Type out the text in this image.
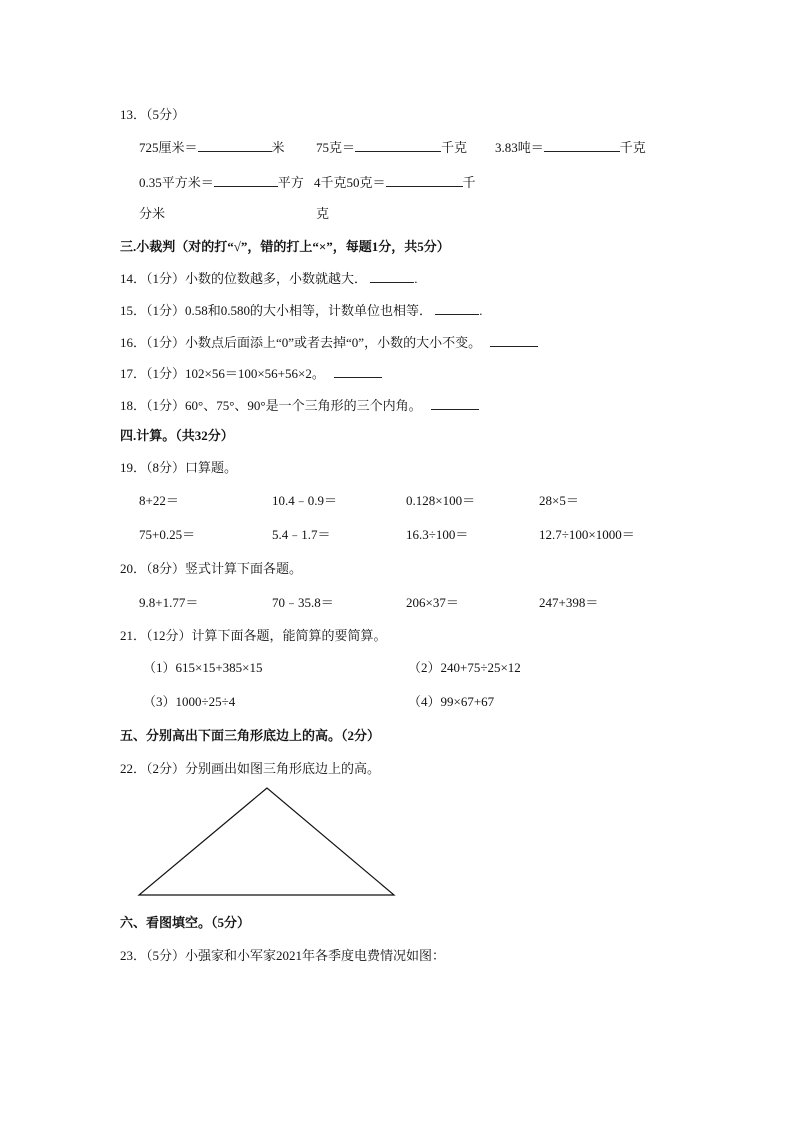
13．（5分）
725厘米＝	米 75克＝	千克 3.83吨＝	千克
0.35平方米＝	平方 4千克50克＝	千
分米	克
三.小裁判（对的打“√”，错的打上“×”，每题1分，共5分）
14．（1分）小数的位数越多，小数就越大．	.
15．（1分）0.58和0.580的大小相等，计数单位也相等．	.
16．（1分）小数点后面添上“0”或者去掉“0”，小数的大小不变。
17．（1分）102×56＝100×56+56×2。
18．（1分）60°、75°、90°是一个三角形的三个内角。
四.计算。（共32分）
19．（8分）口算题。
8+22＝	10.4﹣0.9＝	0.128×100＝	28×5＝
75+0.25＝	5.4﹣1.7＝	16.3÷100＝	12.7÷100×1000＝
20．（8分）竖式计算下面各题。
9.8+1.77＝	70﹣35.8＝	206×37＝	247+398＝
21．（12分）计算下面各题，能简算的要简算。
（1）615×15+385×15	（2）240+75÷25×12
（3）1000÷25÷4	（4）99×67+67
五、分别高出下面三角形底边上的高。（2分）
22．（2分）分别画出如图三角形底边上的高。
六、看图填空。（5分）
23．（5分）小强家和小军家2021年各季度电费情况如图：
